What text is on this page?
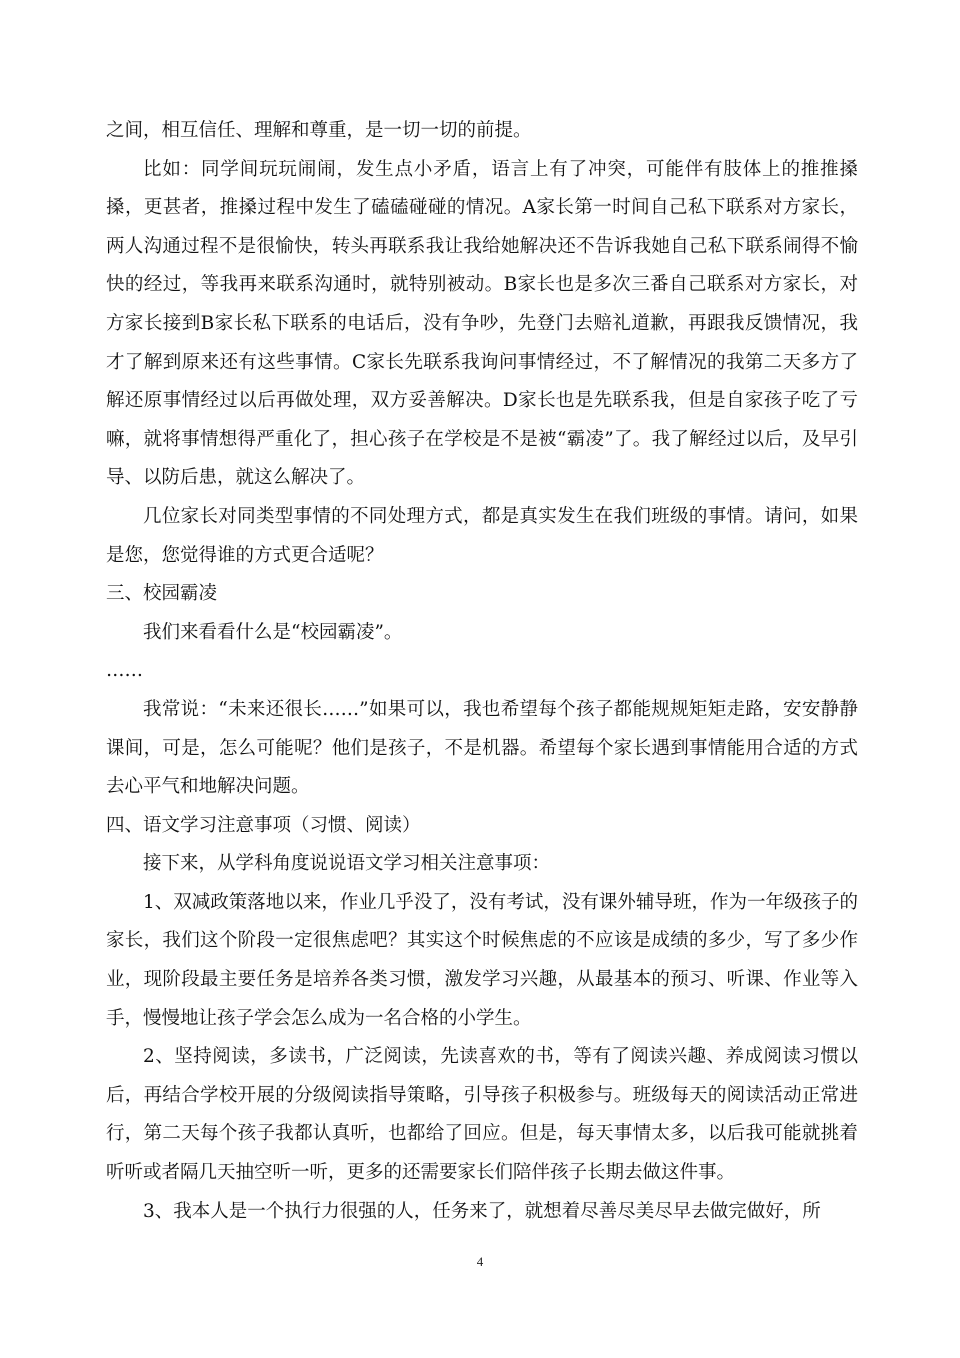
之间，相互信任、理解和尊重，是一切一切的前提。

比如：同学间玩玩闹闹，发生点小矛盾，语言上有了冲突，可能伴有肢体上的推推搡搡，更甚者，推搡过程中发生了磕磕碰碰的情况。A家长第一时间自己私下联系对方家长，两人沟通过程不是很愉快，转头再联系我让我给她解决还不告诉我她自己私下联系闹得不愉快的经过，等我再来联系沟通时，就特别被动。B家长也是多次三番自己联系对方家长，对方家长接到B家长私下联系的电话后，没有争吵，先登门去赔礼道歉，再跟我反馈情况，我才了解到原来还有这些事情。C家长先联系我询问事情经过，不了解情况的我第二天多方了解还原事情经过以后再做处理，双方妥善解决。D家长也是先联系我，但是自家孩子吃了亏嘛，就将事情想得严重化了，担心孩子在学校是不是被“霸凌”了。我了解经过以后，及早引导、以防后患，就这么解决了。

几位家长对同类型事情的不同处理方式，都是真实发生在我们班级的事情。请问，如果是您，您觉得谁的方式更合适呢？

三、校园霸凌

我们来看看什么是“校园霸凌”。

……

我常说：“未来还很长……”如果可以，我也希望每个孩子都能规规矩矩走路，安安静静课间，可是，怎么可能呢？他们是孩子，不是机器。希望每个家长遇到事情能用合适的方式去心平气和地解决问题。

四、语文学习注意事项（习惯、阅读）

接下来，从学科角度说说语文学习相关注意事项：

1、双减政策落地以来，作业几乎没了，没有考试，没有课外辅导班，作为一年级孩子的家长，我们这个阶段一定很焦虑吧？其实这个时候焦虑的不应该是成绩的多少，写了多少作业，现阶段最主要任务是培养各类习惯，激发学习兴趣，从最基本的预习、听课、作业等入手，慢慢地让孩子学会怎么成为一名合格的小学生。

2、坚持阅读，多读书，广泛阅读，先读喜欢的书，等有了阅读兴趣、养成阅读习惯以后，再结合学校开展的分级阅读指导策略，引导孩子积极参与。班级每天的阅读活动正常进行，第二天每个孩子我都认真听，也都给了回应。但是，每天事情太多，以后我可能就挑着听听或者隔几天抽空听一听，更多的还需要家长们陪伴孩子长期去做这件事。

3、我本人是一个执行力很强的人，任务来了，就想着尽善尽美尽早去做完做好，所

4
